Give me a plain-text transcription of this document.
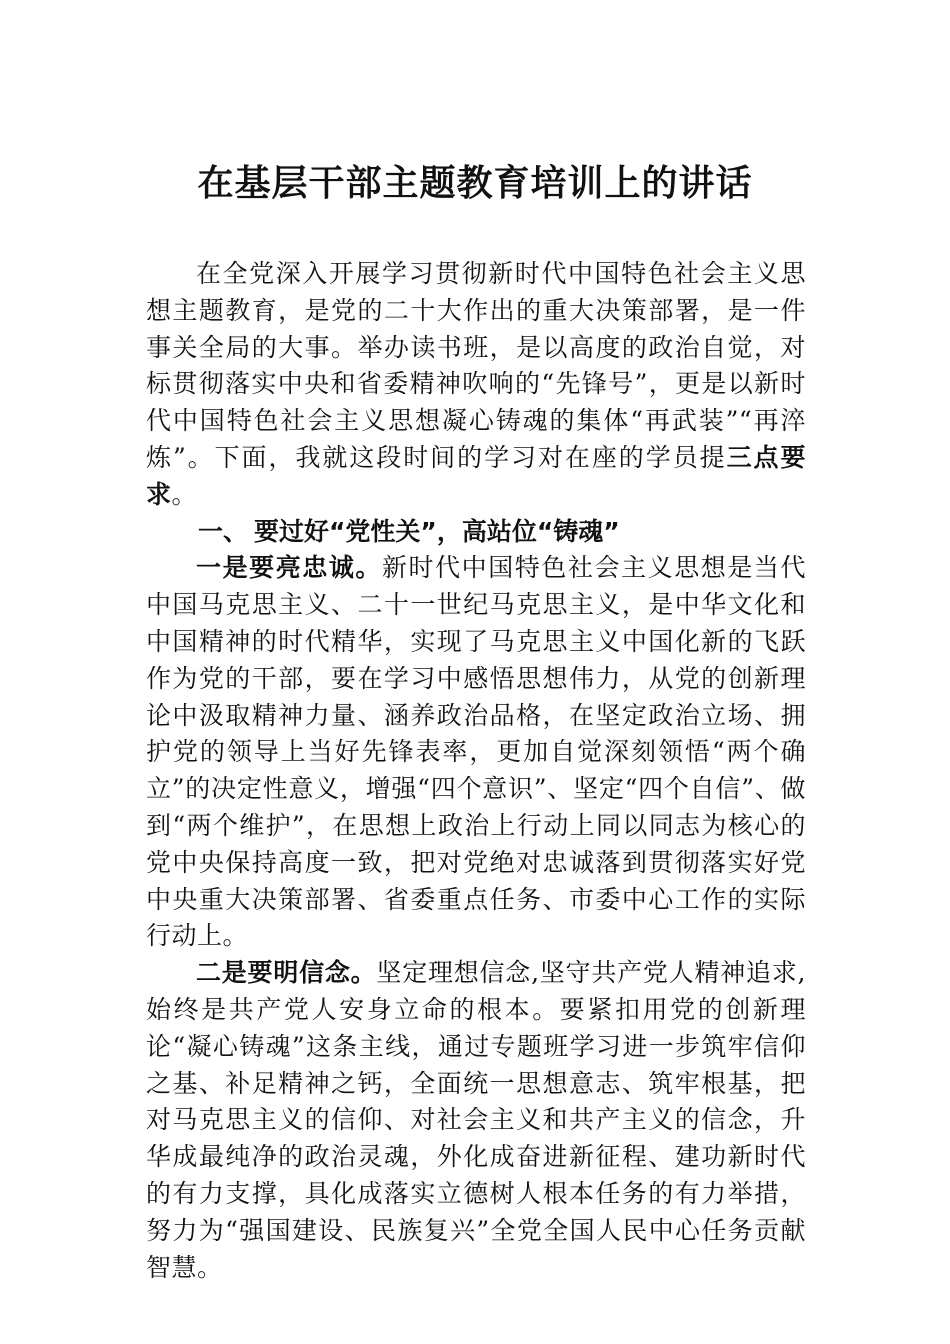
在基层干部主题教育培训上的讲话

在全党深入开展学习贯彻新时代中国特色社会主义思想主题教育，是党的二十大作出的重大决策部署，是一件事关全局的大事。举办读书班，是以高度的政治自觉，对标贯彻落实中央和省委精神吹响的“先锋号”，更是以新时代中国特色社会主义思想凝心铸魂的集体“再武装”“再淬炼”。下面，我就这段时间的学习对在座的学员提三点要求。

一、 要过好“党性关”，高站位“铸魂”

一是要亮忠诚。新时代中国特色社会主义思想是当代中国马克思主义、二十一世纪马克思主义，是中华文化和中国精神的时代精华，实现了马克思主义中国化新的飞跃作为党的干部，要在学习中感悟思想伟力，从党的创新理论中汲取精神力量、涵养政治品格，在坚定政治立场、拥护党的领导上当好先锋表率，更加自觉深刻领悟“两个确立”的决定性意义，增强“四个意识”、坚定“四个自信”、做到“两个维护”，在思想上政治上行动上同以同志为核心的党中央保持高度一致，把对党绝对忠诚落到贯彻落实好党中央重大决策部署、省委重点任务、市委中心工作的实际行动上。

二是要明信念。坚定理想信念,坚守共产党人精神追求,始终是共产党人安身立命的根本。要紧扣用党的创新理论“凝心铸魂”这条主线，通过专题班学习进一步筑牢信仰之基、补足精神之钙，全面统一思想意志、筑牢根基，把对马克思主义的信仰、对社会主义和共产主义的信念，升华成最纯净的政治灵魂，外化成奋进新征程、建功新时代的有力支撑，具化成落实立德树人根本任务的有力举措，努力为“强国建设、民族复兴”全党全国人民中心任务贡献智慧。
